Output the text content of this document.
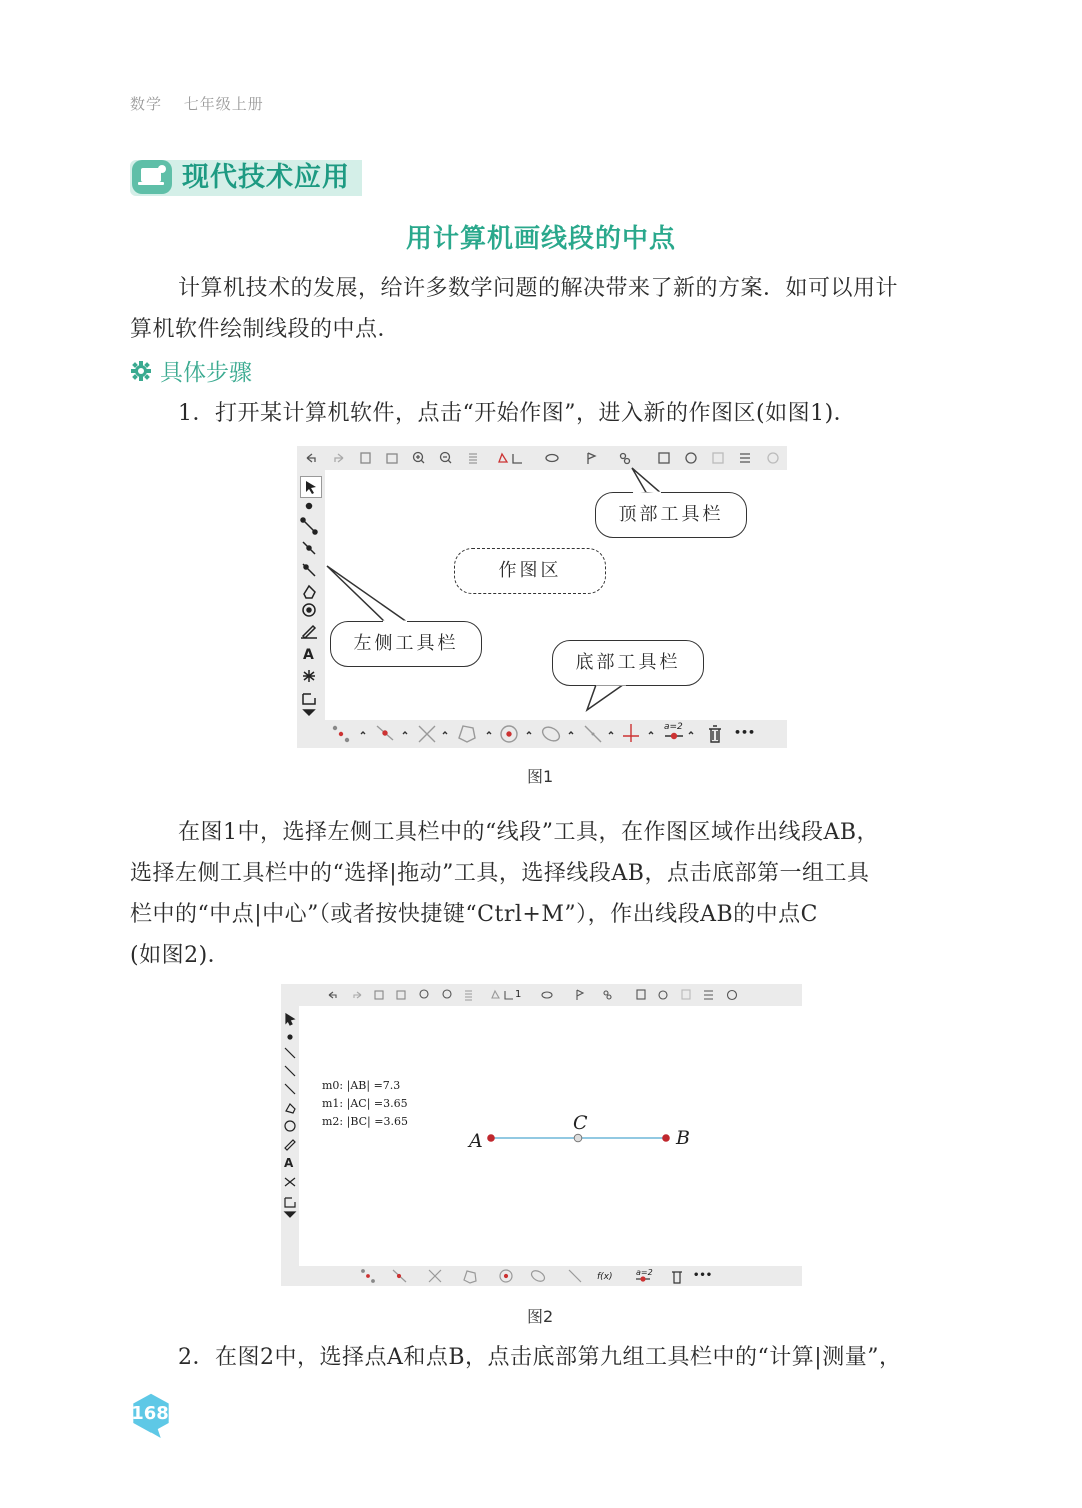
数学 七年级上册
现代技术应用
用计算机画线段的中点
计算机技术的发展，给许多数学问题的解决带来了新的方案．如可以用计
算机软件绘制线段的中点．
具体步骤
1．打开某计算机软件，点击“开始作图”，进入新的作图区(如图1)．
A
a=2	•••
顶部工具栏
作图区
左侧工具栏
底部工具栏
图1
在图1中，选择左侧工具栏中的“线段”工具，在作图区域作出线段AB，
选择左侧工具栏中的“选择|拖动”工具，选择线段AB，点击底部第一组工具
栏中的“中点|中心”（或者按快捷键“Ctrl+M”），作出线段AB的中点C
(如图2)．
1
A
m0: |AB| =7.3
m1: |AC| =3.65
m2: |BC| =3.65
A	B
C
f(x)	a=2	•••
图2
2．在图2中，选择点A和点B，点击底部第九组工具栏中的“计算|测量”，
168
